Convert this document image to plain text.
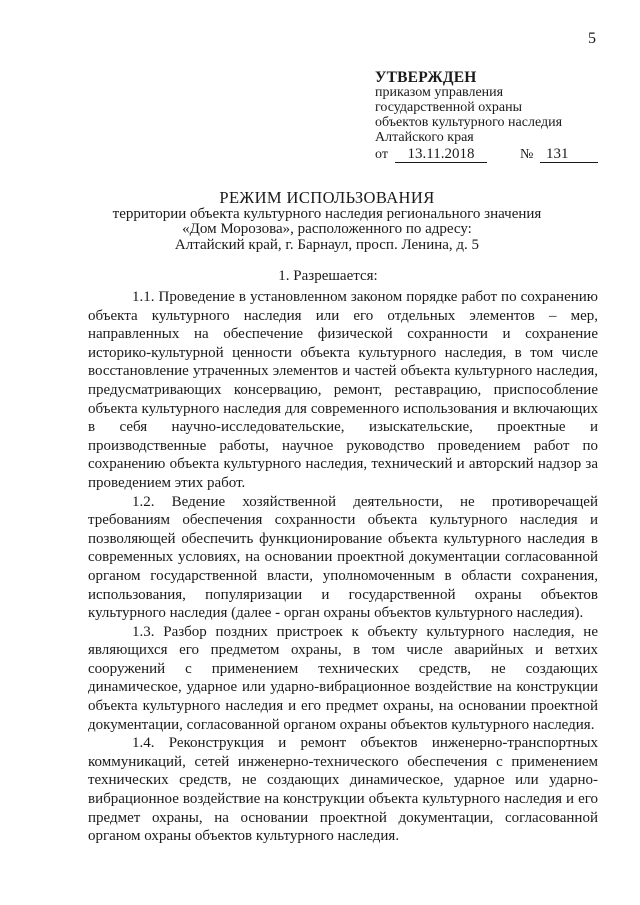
5
УТВЕРЖДЕН
приказом управления
государственной охраны
объектов культурного наследия
Алтайского края
от	13.11.2018	№ 131
РЕЖИМ ИСПОЛЬЗОВАНИЯ
территории объекта культурного наследия регионального значения
«Дом Морозова», расположенного по адресу:
Алтайский край, г. Барнаул, просп. Ленина, д. 5
1. Разрешается:

1.1. Проведение в установленном законом порядке работ по сохранению объекта культурного наследия или его отдельных элементов – мер, направленных на обеспечение физической сохранности и сохранение историко-культурной ценности объекта культурного наследия, в том числе восстановление утраченных элементов и частей объекта культурного наследия, предусматривающих консервацию, ремонт, реставрацию, приспособление объекта культурного наследия для современного использования и включающих в себя научно-исследовательские, изыскательские, проектные и производственные работы, научное руководство проведением работ по сохранению объекта культурного наследия, технический и авторский надзор за проведением этих работ.

1.2. Ведение хозяйственной деятельности, не противоречащей требованиям обеспечения сохранности объекта культурного наследия и позволяющей обеспечить функционирование объекта культурного наследия в современных условиях, на основании проектной документации согласованной органом государственной власти, уполномоченным в области сохранения, использования, популяризации и государственной охраны объектов культурного наследия (далее - орган охраны объектов культурного наследия).

1.3. Разбор поздних пристроек к объекту культурного наследия, не являющихся его предметом охраны, в том числе аварийных и ветхих сооружений с применением технических средств, не создающих динамическое, ударное или ударно-вибрационное воздействие на конструкции объекта культурного наследия и его предмет охраны, на основании проектной документации, согласованной органом охраны объектов культурного наследия.

1.4. Реконструкция и ремонт объектов инженерно-транспортных коммуникаций, сетей инженерно-технического обеспечения с применением технических средств, не создающих динамическое, ударное или ударно-вибрационное воздействие на конструкции объекта культурного наследия и его предмет охраны, на основании проектной документации, согласованной органом охраны объектов культурного наследия.
